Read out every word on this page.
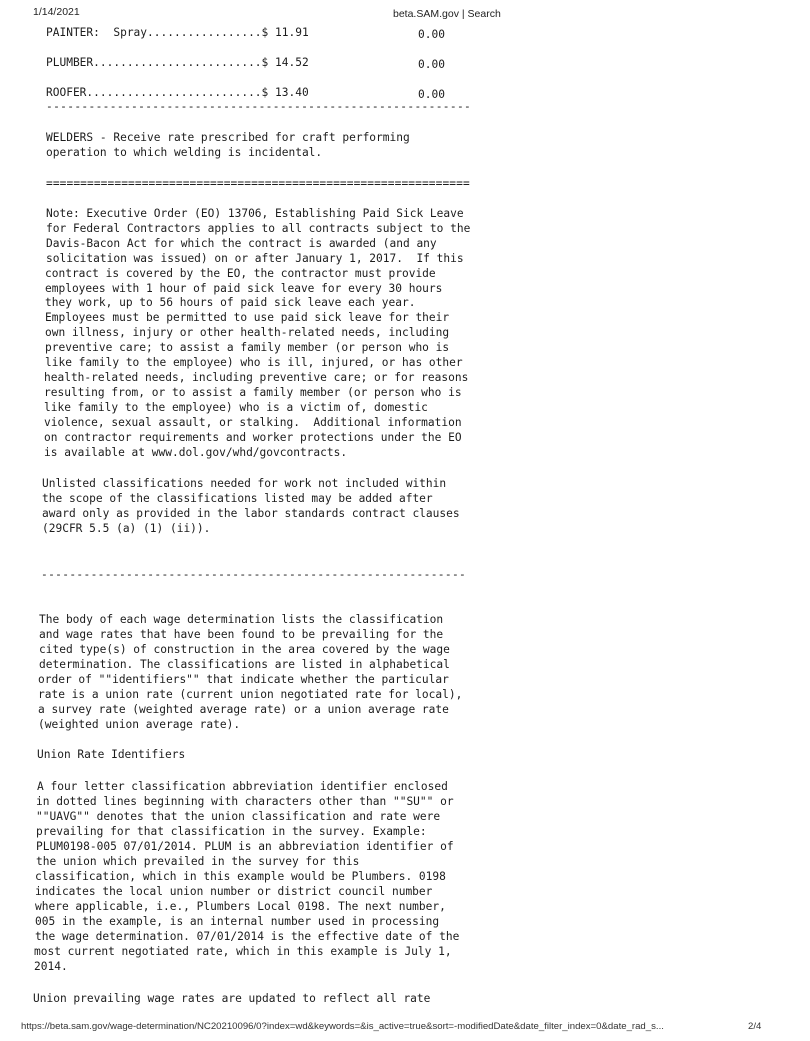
1/14/2021	beta.SAM.gov | Search
PAINTER:  Spray.................$ 11.91	0.00
PLUMBER.........................$ 14.52	0.00
ROOFER..........................$ 13.40	0.00
------------------------------------------------------------
WELDERS - Receive rate prescribed for craft performing
operation to which welding is incidental.
==============================================================
Note: Executive Order (EO) 13706, Establishing Paid Sick Leave
for Federal Contractors applies to all contracts subject to the
Davis-Bacon Act for which the contract is awarded (and any
solicitation was issued) on or after January 1, 2017.  If this
contract is covered by the EO, the contractor must provide
employees with 1 hour of paid sick leave for every 30 hours
they work, up to 56 hours of paid sick leave each year.
Employees must be permitted to use paid sick leave for their
own illness, injury or other health-related needs, including
preventive care; to assist a family member (or person who is
like family to the employee) who is ill, injured, or has other
health-related needs, including preventive care; or for reasons
resulting from, or to assist a family member (or person who is
like family to the employee) who is a victim of, domestic
violence, sexual assault, or stalking.  Additional information
on contractor requirements and worker protections under the EO
is available at www.dol.gov/whd/govcontracts.
Unlisted classifications needed for work not included within
the scope of the classifications listed may be added after
award only as provided in the labor standards contract clauses
(29CFR 5.5 (a) (1) (ii)).
------------------------------------------------------------
The body of each wage determination lists the classification
and wage rates that have been found to be prevailing for the
cited type(s) of construction in the area covered by the wage
determination. The classifications are listed in alphabetical
order of ""identifiers"" that indicate whether the particular
rate is a union rate (current union negotiated rate for local),
a survey rate (weighted average rate) or a union average rate
(weighted union average rate).
Union Rate Identifiers
A four letter classification abbreviation identifier enclosed
in dotted lines beginning with characters other than ""SU"" or
""UAVG"" denotes that the union classification and rate were
prevailing for that classification in the survey. Example:
PLUM0198-005 07/01/2014. PLUM is an abbreviation identifier of
the union which prevailed in the survey for this
classification, which in this example would be Plumbers. 0198
indicates the local union number or district council number
where applicable, i.e., Plumbers Local 0198. The next number,
005 in the example, is an internal number used in processing
the wage determination. 07/01/2014 is the effective date of the
most current negotiated rate, which in this example is July 1,
2014.
Union prevailing wage rates are updated to reflect all rate
https://beta.sam.gov/wage-determination/NC20210096/0?index=wd&keywords=&is_active=true&sort=-modifiedDate&date_filter_index=0&date_rad_s...	2/4
